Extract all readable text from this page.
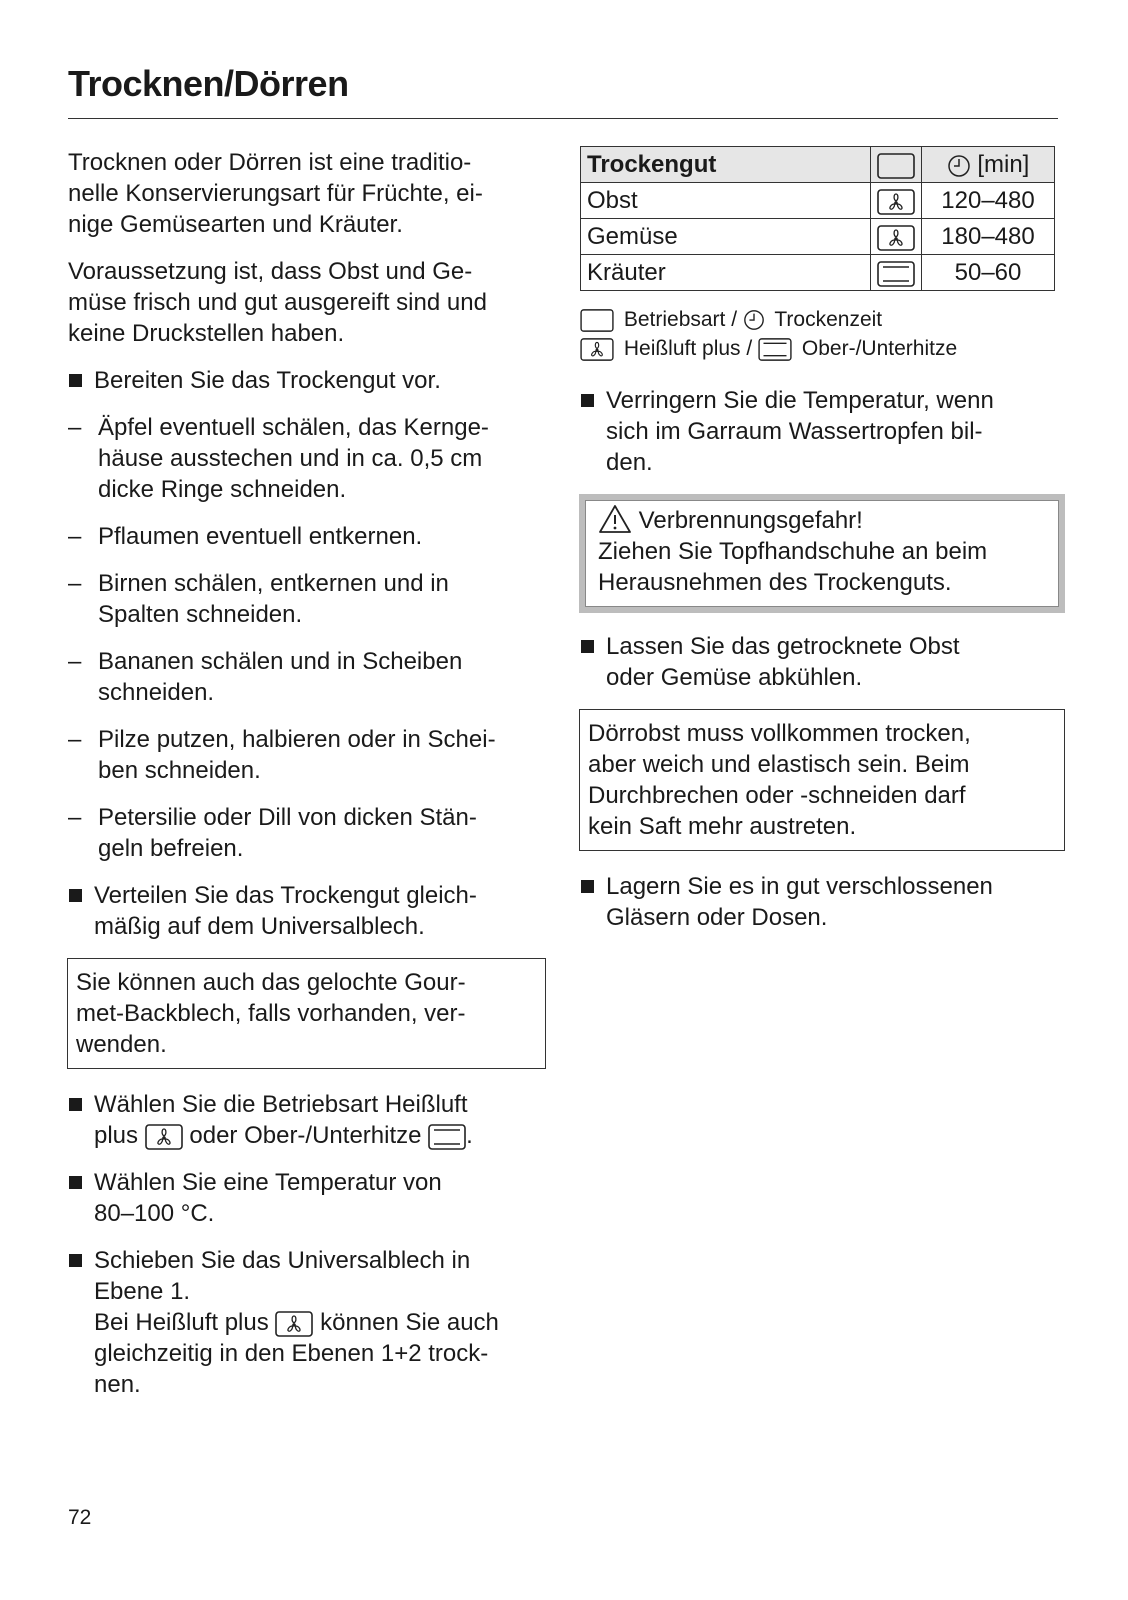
Trocknen/Dörren

Trocknen oder Dörren ist eine traditio-
nelle Konservierungsart für Früchte, ei-
nige Gemüsearten und Kräuter.

Voraussetzung ist, dass Obst und Ge-
müse frisch und gut ausgereift sind und
keine Druckstellen haben.

Bereiten Sie das Trockengut vor.
– Äpfel eventuell schälen, das Kernge-
häuse ausstechen und in ca. 0,5 cm
dicke Ringe schneiden.
– Pflaumen eventuell entkernen.
– Birnen schälen, entkernen und in
Spalten schneiden.
– Bananen schälen und in Scheiben
schneiden.
– Pilze putzen, halbieren oder in Schei-
ben schneiden.
– Petersilie oder Dill von dicken Stän-
geln befreien.
Verteilen Sie das Trockengut gleich-
mäßig auf dem Universalblech.
Sie können auch das gelochte Gour-
met-Backblech, falls vorhanden, ver-
wenden.
Wählen Sie die Betriebsart Heißluft
plus oder Ober-/Unterhitze .
Wählen Sie eine Temperatur von
80–100 °C.
Schieben Sie das Universalblech in
Ebene 1.
Bei Heißluft plus können Sie auch
gleichzeitig in den Ebenen 1+2 trock-
nen.
Trockengut		[min]
Obst		120–480
Gemüse		180–480
Kräuter		50–60
Betriebsart / Trockenzeit
Heißluft plus / Ober-/Unterhitze
Verringern Sie die Temperatur, wenn
sich im Garraum Wassertropfen bil-
den.
Verbrennungsgefahr!
Ziehen Sie Topfhandschuhe an beim
Herausnehmen des Trockenguts.
Lassen Sie das getrocknete Obst
oder Gemüse abkühlen.
Dörrobst muss vollkommen trocken,
aber weich und elastisch sein. Beim
Durchbrechen oder -schneiden darf
kein Saft mehr austreten.
Lagern Sie es in gut verschlossenen
Gläsern oder Dosen.
72
